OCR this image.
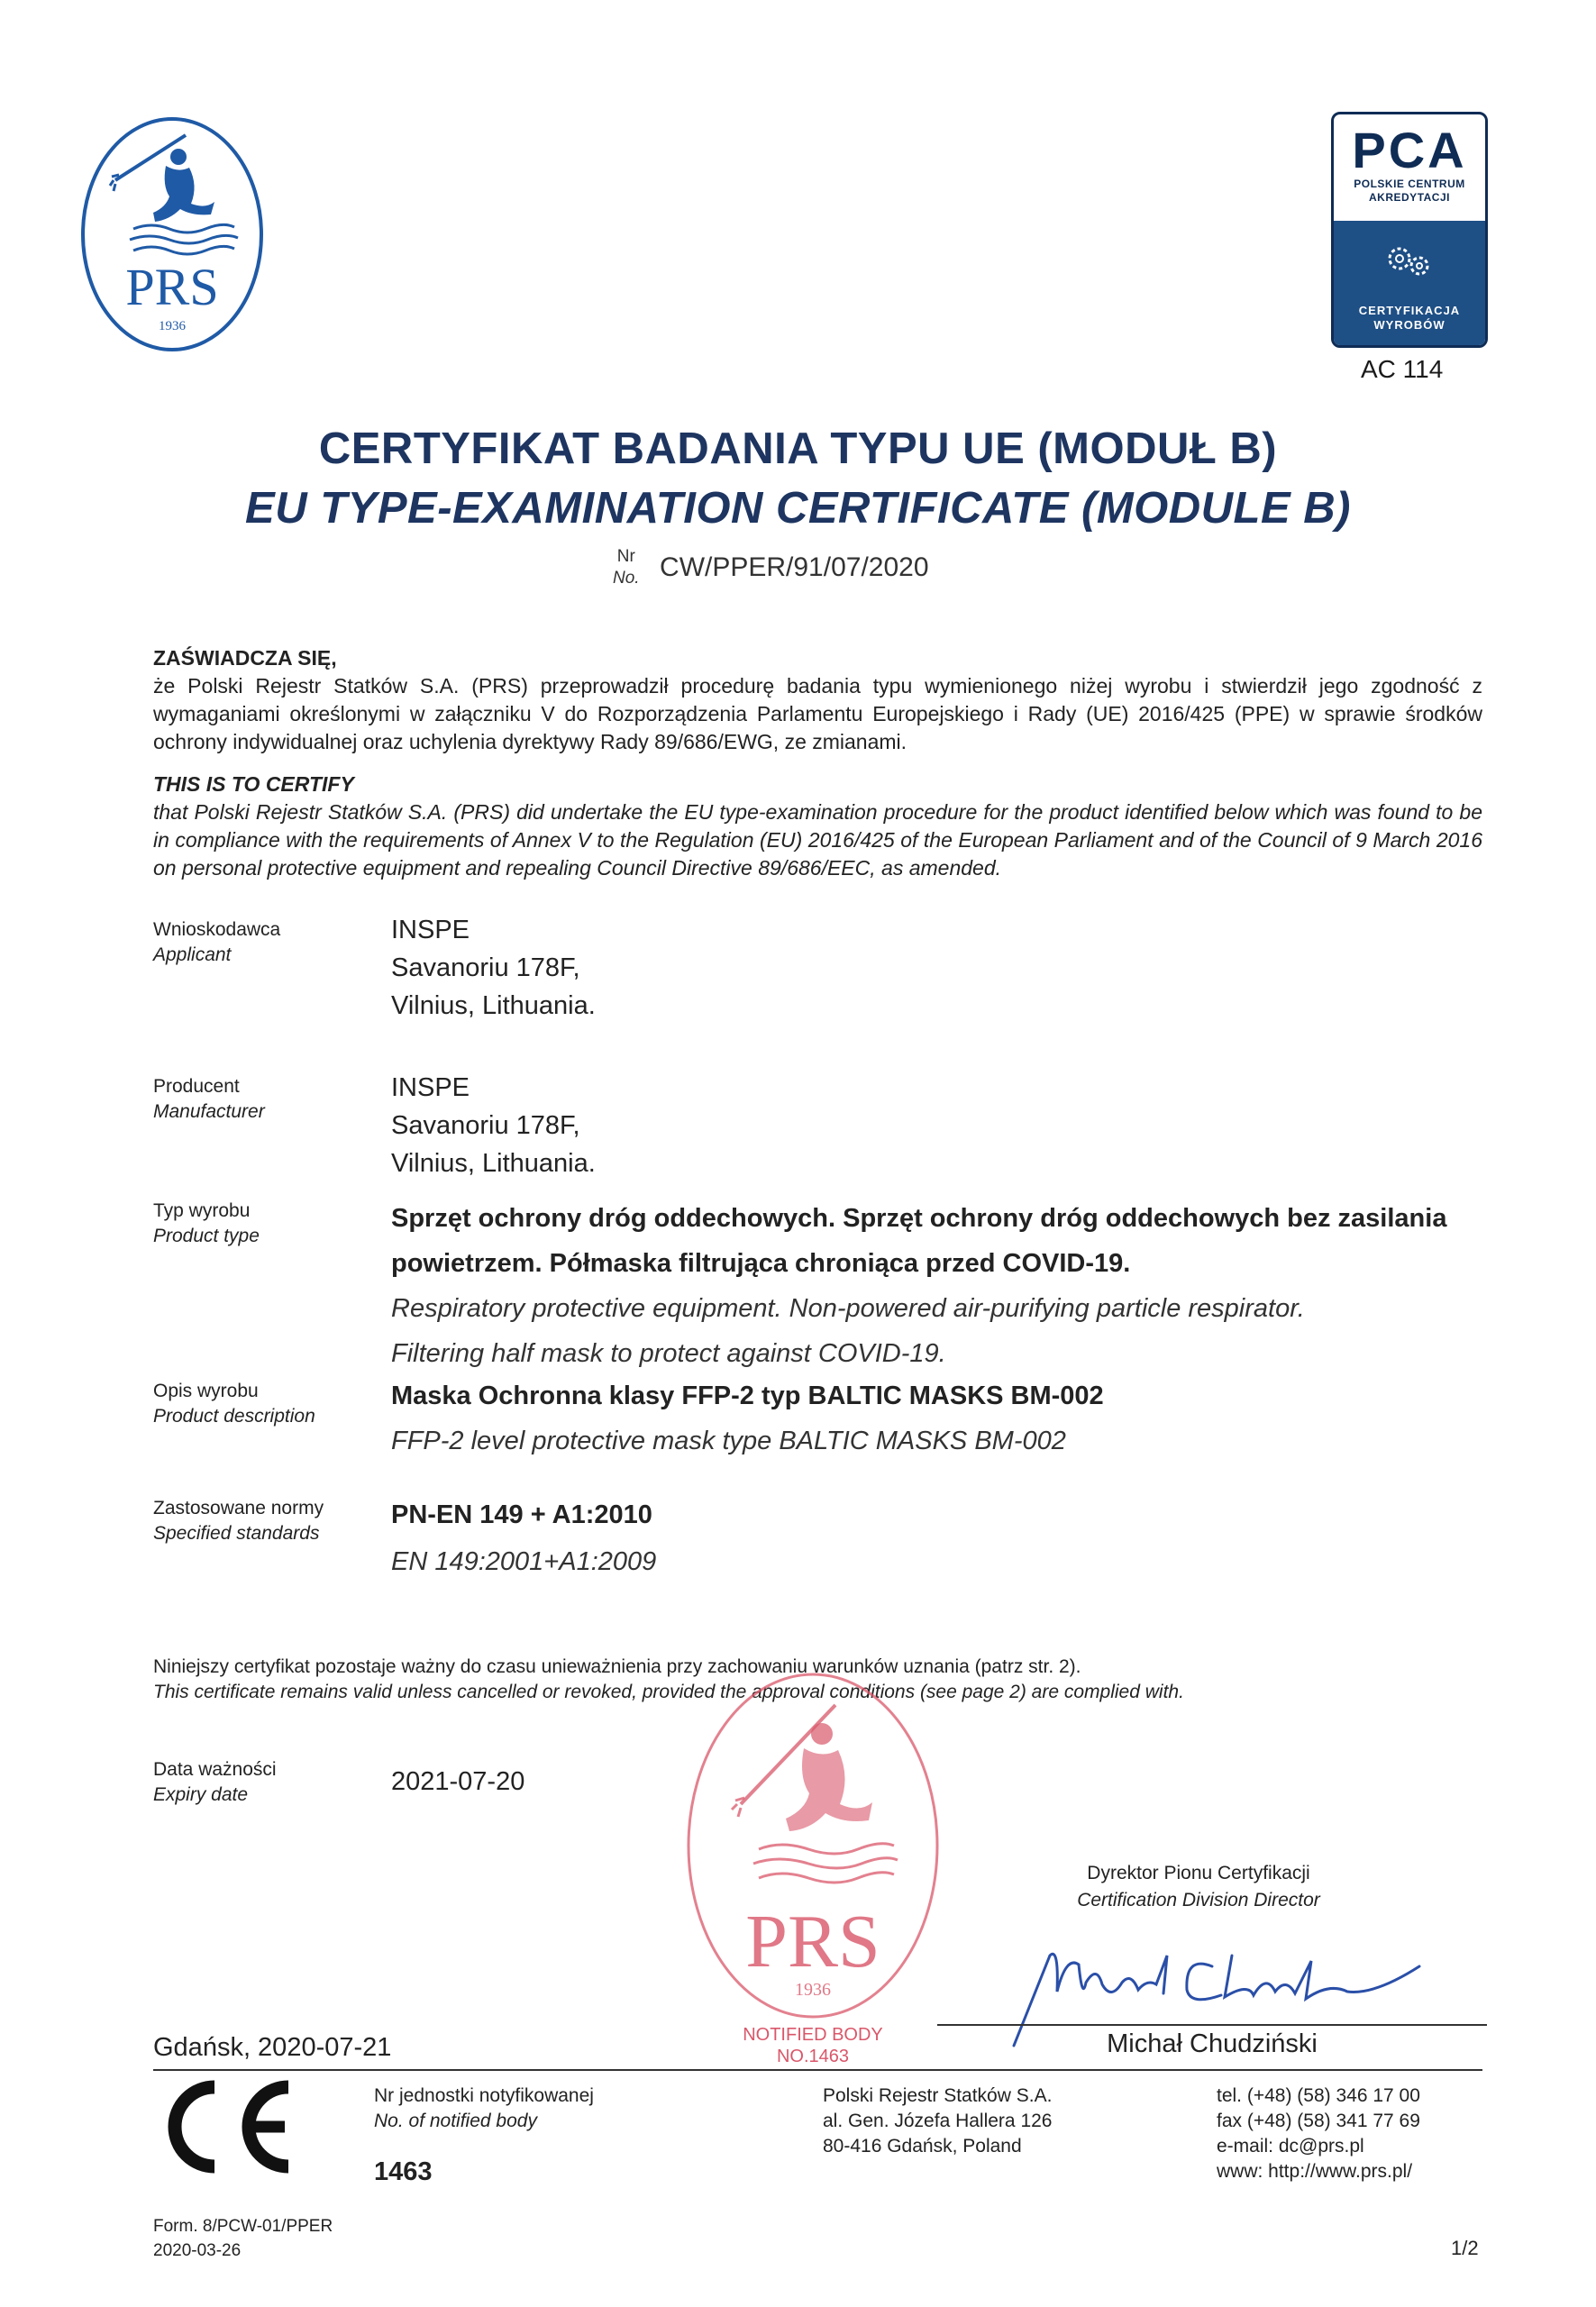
PRS
1936
PCA
POLSKIE CENTRUM
AKREDYTACJI
CERTYFIKACJA
WYROBÓW
AC 114
CERTYFIKAT BADANIA TYPU UE (MODUŁ B)
EU TYPE-EXAMINATION CERTIFICATE (MODULE B)
Nr
No. CW/PPER/91/07/2020
ZAŚWIADCZA SIĘ,
że Polski Rejestr Statków S.A. (PRS) przeprowadził procedurę badania typu wymienionego niżej wyrobu i stwierdził jego zgodność z wymaganiami określonymi w załączniku V do Rozporządzenia Parlamentu Europejskiego i Rady (UE) 2016/425 (PPE) w sprawie środków ochrony indywidualnej oraz uchylenia dyrektywy Rady 89/686/EWG, ze zmianami.
THIS IS TO CERTIFY
that Polski Rejestr Statków S.A. (PRS) did undertake the EU type-examination procedure for the product identified below which was found to be in compliance with the requirements of Annex V to the Regulation (EU) 2016/425 of the European Parliament and of the Council of 9 March 2016 on personal protective equipment and repealing Council Directive 89/686/EEC, as amended.
Wnioskodawca
Applicant
INSPE
Savanoriu 178F,
Vilnius, Lithuania.
Producent
Manufacturer
INSPE
Savanoriu 178F,
Vilnius, Lithuania.
Typ wyrobu
Product type
Sprzęt ochrony dróg oddechowych. Sprzęt ochrony dróg oddechowych bez zasilania
powietrzem. Półmaska filtrująca chroniąca przed COVID-19.
Respiratory protective equipment. Non-powered air-purifying particle respirator.
Filtering half mask to protect against COVID-19.
Opis wyrobu
Product description
Maska Ochronna klasy FFP-2 typ BALTIC MASKS BM-002
FFP-2 level protective mask type BALTIC MASKS BM-002
Zastosowane normy
Specified standards
PN-EN 149 + A1:2010
EN 149:2001+A1:2009
Niniejszy certyfikat pozostaje ważny do czasu unieważnienia przy zachowaniu warunków uznania (patrz str. 2).
This certificate remains valid unless cancelled or revoked, provided the approval conditions (see page 2) are complied with.
Data ważności
Expiry date	2021-07-20
PRS
1936
NOTIFIED BODY
NO.1463
Dyrektor Pionu Certyfikacji
Certification Division Director
Michał Chudziński
Gdańsk, 2020-07-21
Nr jednostki notyfikowanej
No. of notified body
1463
Polski Rejestr Statków S.A.
al. Gen. Józefa Hallera 126
80-416 Gdańsk, Poland
tel. (+48) (58) 346 17 00
fax (+48) (58) 341 77 69
e-mail: dc@prs.pl
www: http://www.prs.pl/
Form. 8/PCW-01/PPER
2020-03-26	1/2
